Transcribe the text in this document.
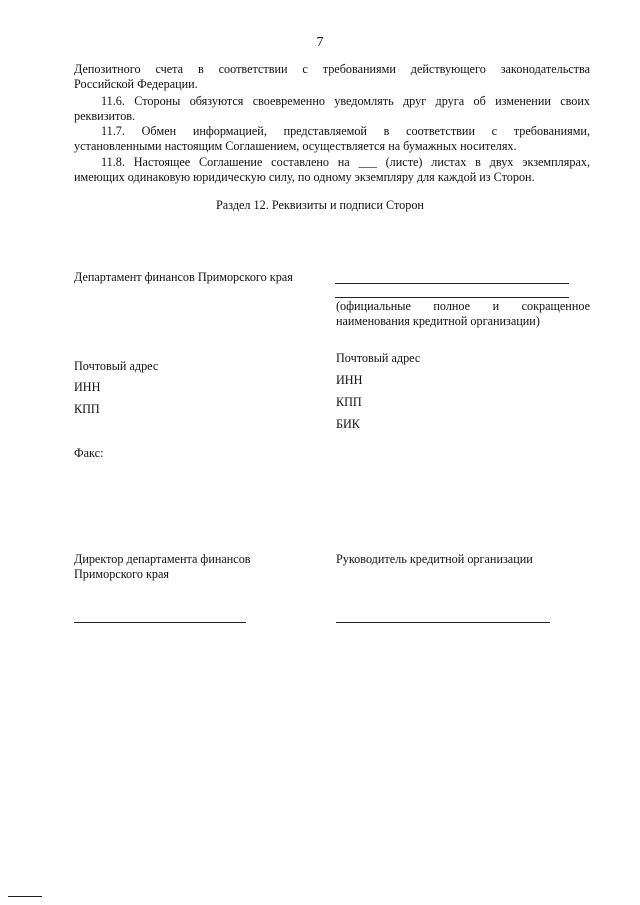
7
Депозитного счета в соответствии с требованиями действующего законодательства
Российской Федерации.
11.6. Стороны обязуются своевременно уведомлять друг друга об изменении своих
реквизитов.
11.7. Обмен информацией, представляемой в соответствии с требованиями,
установленными настоящим Соглашением, осуществляется на бумажных носителях.
11.8. Настоящее Соглашение составлено на ___ (листе) листах в двух экземплярах,
имеющих одинаковую юридическую силу, по одному экземпляру для каждой из Сторон.
Раздел 12. Реквизиты и подписи Сторон
Департамент финансов Приморского края
Почтовый адрес
ИНН
КПП
Факс:
Директор департамента финансов
Приморского края
(официальные полное и сокращенное
наименования кредитной организации)
Почтовый адрес
ИНН
КПП
БИК
Руководитель кредитной организации
